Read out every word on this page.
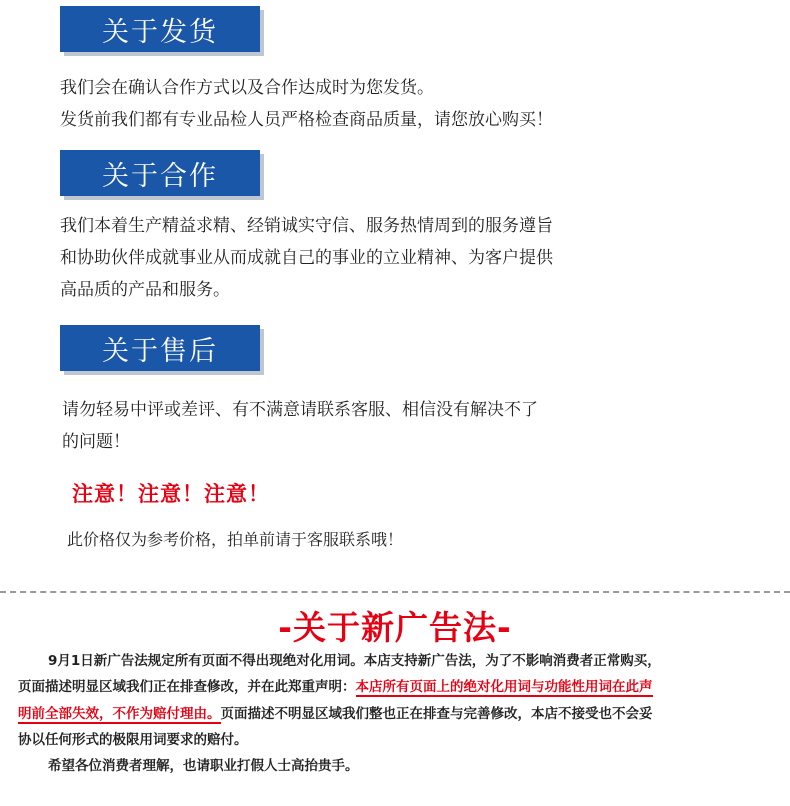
关于发货
我们会在确认合作方式以及合作达成时为您发货。
发货前我们都有专业品检人员严格检查商品质量，请您放心购买！
关于合作
我们本着生产精益求精、经销诚实守信、服务热情周到的服务遵旨
和协助伙伴成就事业从而成就自己的事业的立业精神、为客户提供
高品质的产品和服务。
关于售后
请勿轻易中评或差评、有不满意请联系客服、相信没有解决不了
的问题！
注意！注意！注意！
此价格仅为参考价格，拍单前请于客服联系哦！
-关于新广告法-
9月1日新广告法规定所有页面不得出现绝对化用词。本店支持新广告法，为了不影响消费者正常购买，
页面描述明显区域我们正在排查修改，并在此郑重声明：本店所有页面上的绝对化用词与功能性用词在此声
明前全部失效，不作为赔付理由。页面描述不明显区域我们整也正在排查与完善修改，本店不接受也不会妥
协以任何形式的极限用词要求的赔付。
希望各位消费者理解，也请职业打假人士高抬贵手。
